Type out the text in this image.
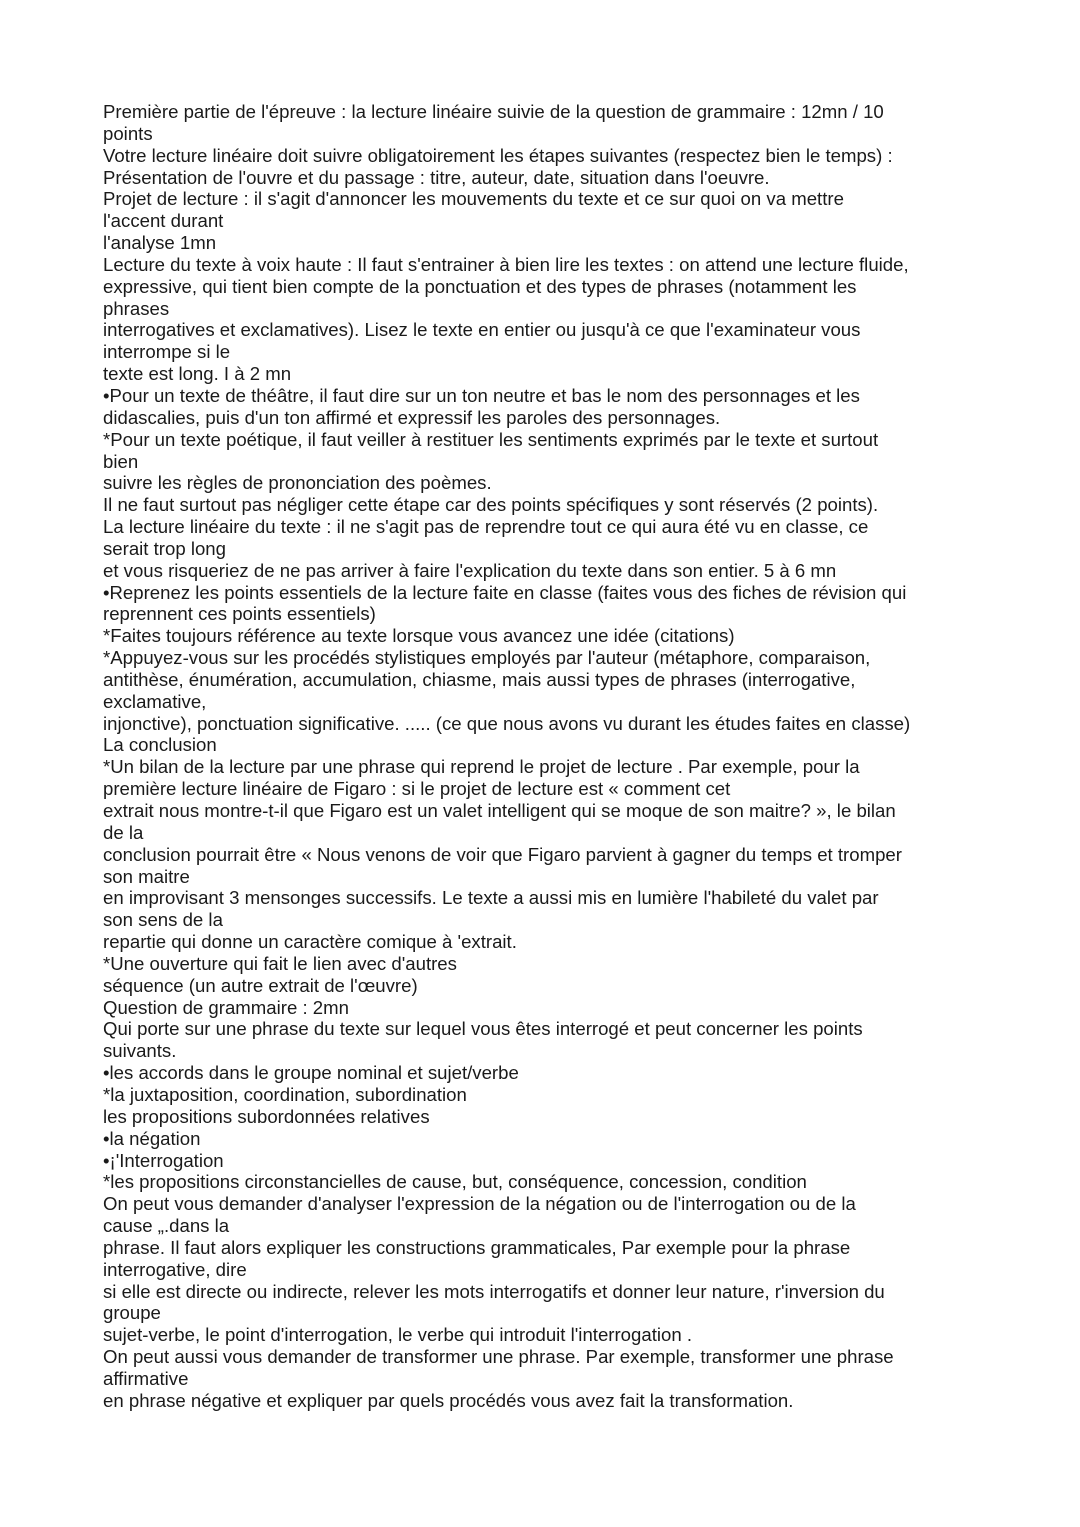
Première partie de l'épreuve : la lecture linéaire suivie de la question de grammaire : 12mn / 10
points
Votre lecture linéaire doit suivre obligatoirement les étapes suivantes (respectez bien le temps) :
Présentation de l'ouvre et du passage : titre, auteur, date, situation dans l'oeuvre.
Projet de lecture : il s'agit d'annoncer les mouvements du texte et ce sur quoi on va mettre
l'accent durant
l'analyse 1mn
Lecture du texte à voix haute : Il faut s'entrainer à bien lire les textes : on attend une lecture fluide,
expressive, qui tient bien compte de la ponctuation et des types de phrases (notamment les
phrases
interrogatives et exclamatives). Lisez le texte en entier ou jusqu'à ce que l'examinateur vous
interrompe si le
texte est long. I à 2 mn
•Pour un texte de théâtre, il faut dire sur un ton neutre et bas le nom des personnages et les
didascalies, puis d'un ton affirmé et expressif les paroles des personnages.
*Pour un texte poétique, il faut veiller à restituer les sentiments exprimés par le texte et surtout
bien
suivre les règles de prononciation des poèmes.
Il ne faut surtout pas négliger cette étape car des points spécifiques y sont réservés (2 points).
La lecture linéaire du texte : il ne s'agit pas de reprendre tout ce qui aura été vu en classe, ce
serait trop long
et vous risqueriez de ne pas arriver à faire l'explication du texte dans son entier. 5 à 6 mn
•Reprenez les points essentiels de la lecture faite en classe (faites vous des fiches de révision qui
reprennent ces points essentiels)
*Faites toujours référence au texte lorsque vous avancez une idée (citations)
*Appuyez-vous sur les procédés stylistiques employés par l'auteur (métaphore, comparaison,
antithèse, énumération, accumulation, chiasme, mais aussi types de phrases (interrogative,
exclamative,
injonctive), ponctuation significative. ..... (ce que nous avons vu durant les études faites en classe)
La conclusion
*Un bilan de la lecture par une phrase qui reprend le projet de lecture . Par exemple, pour la
première lecture linéaire de Figaro : si le projet de lecture est « comment cet
extrait nous montre-t-il que Figaro est un valet intelligent qui se moque de son maitre? », le bilan
de la
conclusion pourrait être « Nous venons de voir que Figaro parvient à gagner du temps et tromper
son maitre
en improvisant 3 mensonges successifs. Le texte a aussi mis en lumière l'habileté du valet par
son sens de la
repartie qui donne un caractère comique à 'extrait.
*Une ouverture qui fait le lien avec d'autres
séquence (un autre extrait de l'œuvre)
Question de grammaire : 2mn
Qui porte sur une phrase du texte sur lequel vous êtes interrogé et peut concerner les points
suivants.
•les accords dans le groupe nominal et sujet/verbe
*la juxtaposition, coordination, subordination
les propositions subordonnées relatives
•la négation
•¡'Interrogation
*les propositions circonstancielles de cause, but, conséquence, concession, condition
On peut vous demander d'analyser l'expression de la négation ou de l'interrogation ou de la
cause „.dans la
phrase. Il faut alors expliquer les constructions grammaticales, Par exemple pour la phrase
interrogative, dire
si elle est directe ou indirecte, relever les mots interrogatifs et donner leur nature, r'inversion du
groupe
sujet-verbe, le point d'interrogation, le verbe qui introduit l'interrogation .
On peut aussi vous demander de transformer une phrase. Par exemple, transformer une phrase
affirmative
en phrase négative et expliquer par quels procédés vous avez fait la transformation.
